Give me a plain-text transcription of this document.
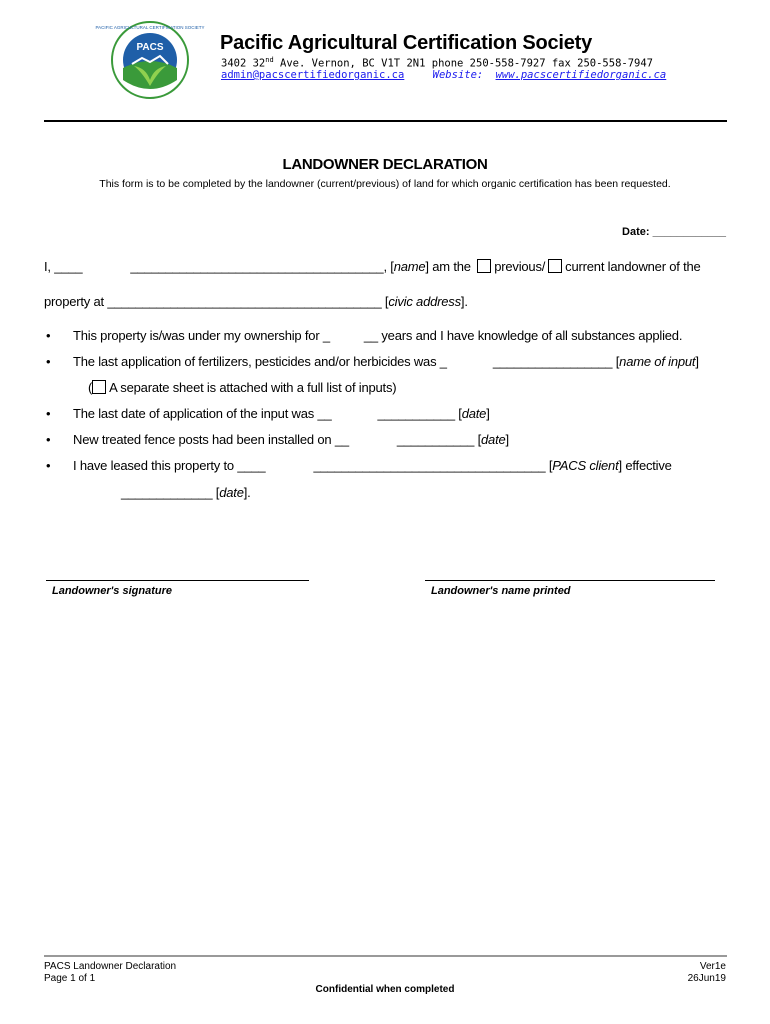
PACS
PACIFIC AGRICULTURAL CERTIFICATION SOCIETY
Pacific Agricultural Certification Society
3402 32nd Ave. Vernon, BC V1T 2N1 phone 250-558-7927 fax 250-558-7947
admin@pacscertifiedorganic.ca	Website: www.pacscertifiedorganic.ca
LANDOWNER DECLARATION
This form is to be completed by the landowner (current/previous) of land for which organic certification has been requested.
Date: ____________
I, ____	____________________________________, [name] am the previous/ current landowner of the
property at _______________________________________ [civic address].
• This property is/was under my ownership for _	__ years and I have knowledge of all substances applied.
• The last application of fertilizers, pesticides and/or herbicides was _	_________________ [name of input]
( A separate sheet is attached with a full list of inputs)
• The last date of application of the input was __	___________ [date]
• New treated fence posts had been installed on __	___________ [date]
• I have leased this property to ____	_________________________________ [PACS client] effective
_____________ [date].
Landowner's signature	Landowner's name printed
PACS Landowner Declaration
Page 1 of 1
Confidential when completed
Ver1e
26Jun19
